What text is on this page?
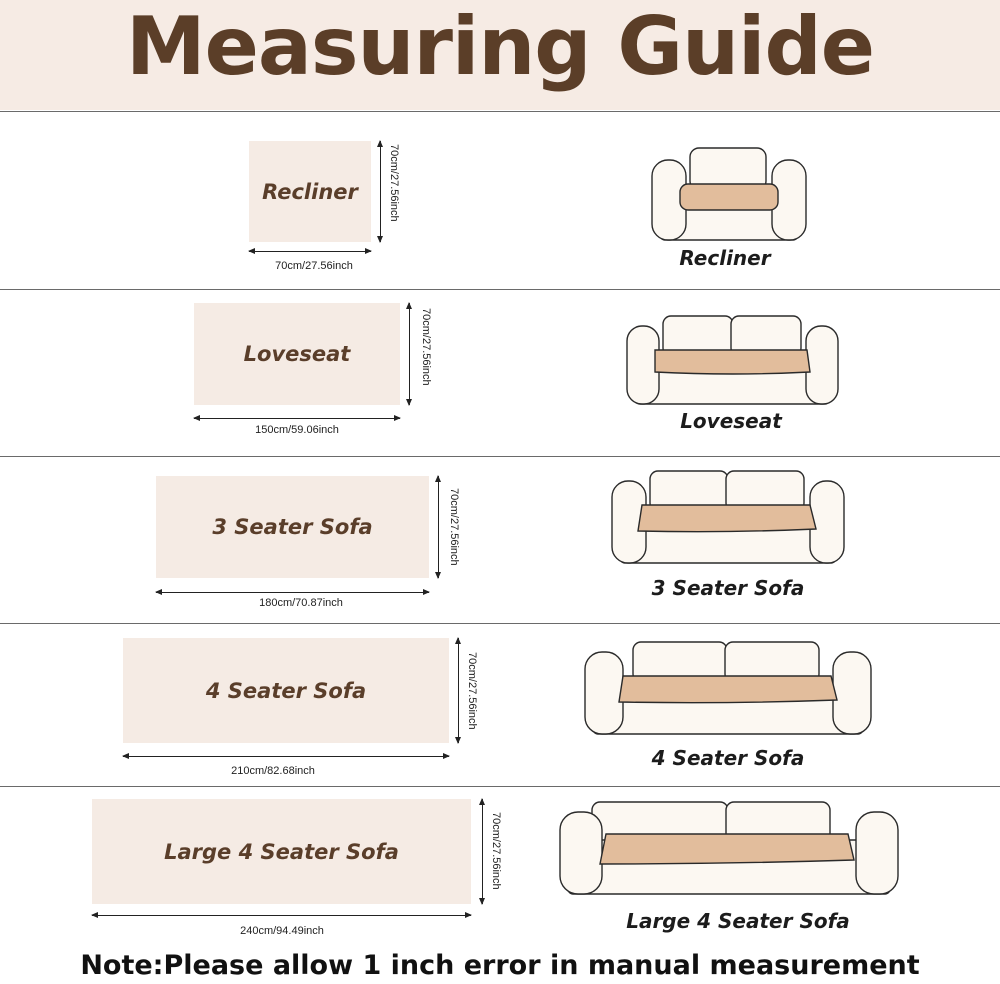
Measuring Guide
Recliner	70cm/27.56inch
70cm/27.56inch	Recliner
Loveseat	70cm/27.56inch
150cm/59.06inch	Loveseat
3 Seater Sofa	70cm/27.56inch
180cm/70.87inch
3 Seater Sofa
4 Seater Sofa	70cm/27.56inch
210cm/82.68inch
4 Seater Sofa
Large 4 Seater Sofa	70cm/27.56inch
240cm/94.49inch	Large 4 Seater Sofa
Note:Please allow 1 inch error in manual measurement
